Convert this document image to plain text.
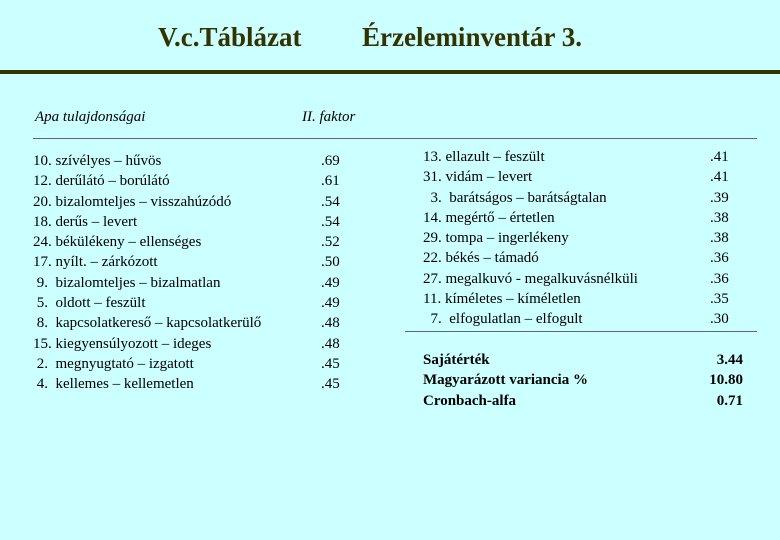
V.c.Táblázat Érzeleminventár 3.
Apa tulajdonságai	II. faktor
10. szívélyes – hűvös	.69
12. derűlátó – borúlátó	.61
20. bizalomteljes – visszahúzódó	.54
18. derűs – levert	.54
24. békülékeny – ellenséges	.52
17. nyílt. – zárkózott	.50
9.  bizalomteljes – bizalmatlan	.49
5.  oldott – feszült	.49
8.  kapcsolatkereső – kapcsolatkerülő	.48
15. kiegyensúlyozott – ideges	.48
2.  megnyugtató – izgatott	.45
4.  kellemes – kellemetlen	.45
13. ellazult – feszült	.41
31. vidám – levert	.41
3.  barátságos – barátságtalan	.39
14. megértő – értetlen	.38
29. tompa – ingerlékeny	.38
22. békés – támadó	.36
27. megalkuvó - megalkuvásnélküli	.36
11. kíméletes – kíméletlen	.35
7.  elfogulatlan – elfogult	.30
Sajátérték	3.44
Magyarázott variancia %	10.80
Cronbach-alfa	0.71
